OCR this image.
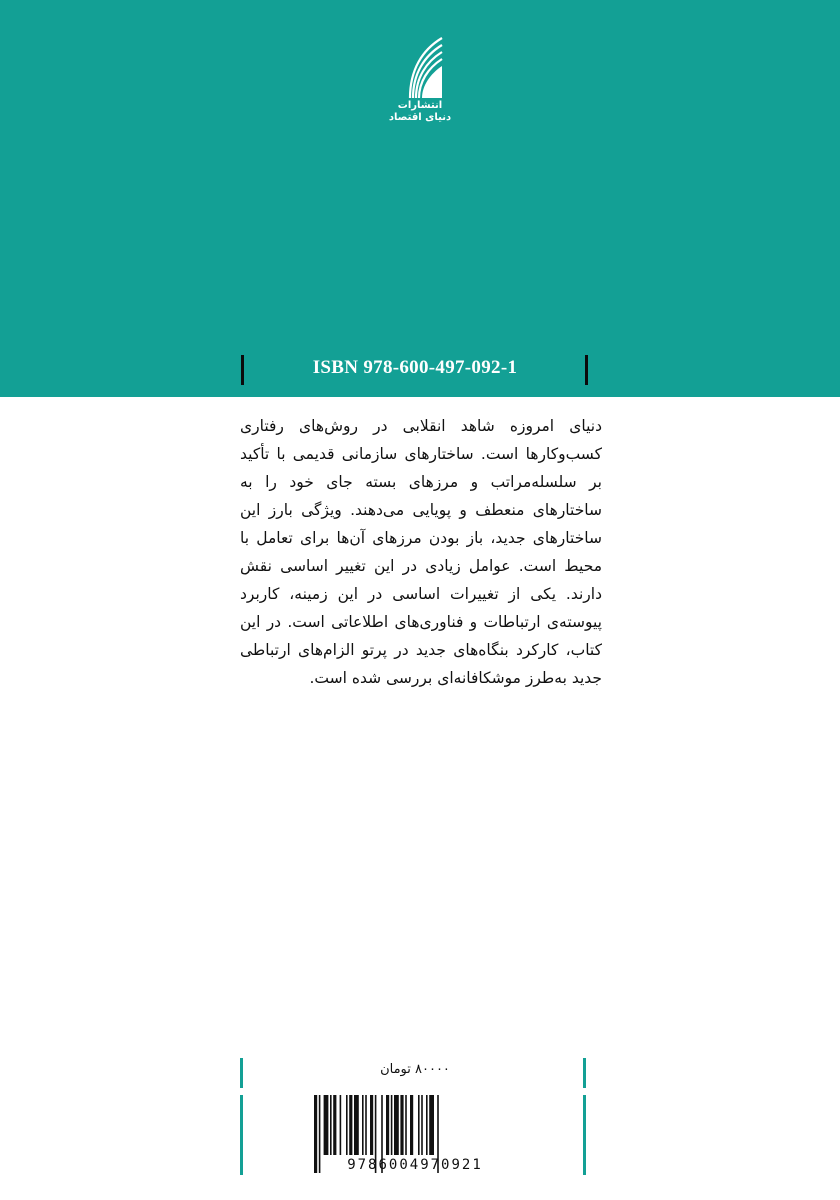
انتشارات
دنیای اقتصاد
ISBN 978-600-497-092-1

دنیای امروزه شاهد انقلابی در روش‌های رفتاری کسب‌وکارها است. ساختارهای سازمانی قدیمی با تأکید بر سلسله‌مراتب و مرزهای بسته جای خود را به ساختارهای منعطف و پویایی می‌دهند. ویژگی بارز این ساختارهای جدید، باز بودن مرزهای آن‌ها برای تعامل با محیط است. عوامل زیادی در این تغییر اساسی نقش دارند. یکی از تغییرات اساسی در این زمینه، کاربرد پیوسته‌ی ارتباطات و فناوری‌های اطلاعاتی است. در این کتاب، کارکرد بنگاه‌های جدید در پرتو الزام‌های ارتباطی جدید به‌طرز موشکافانه‌ای بررسی شده است.

۸۰۰۰۰ تومان
9786004970921
